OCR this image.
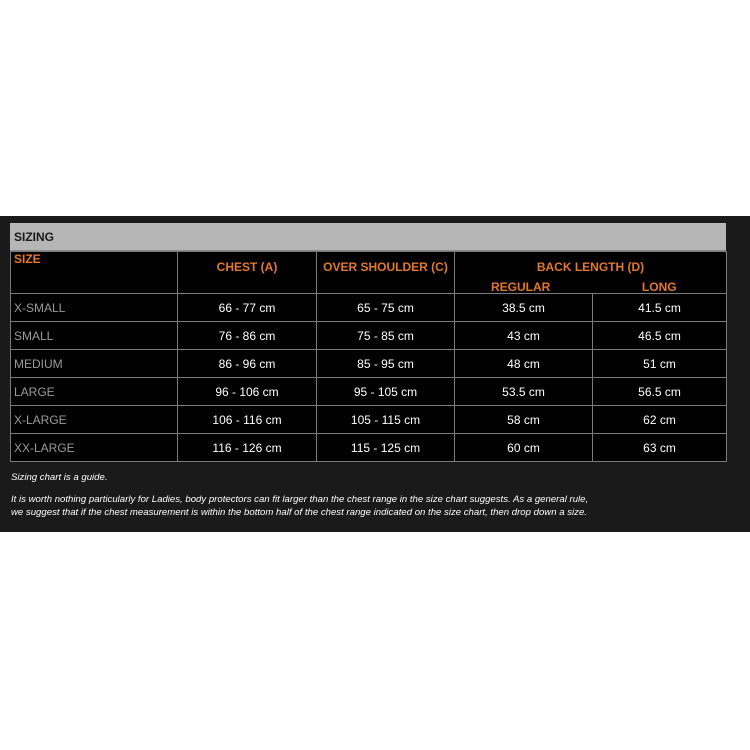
SIZING
SIZE	CHEST (A)	OVER SHOULDER (C)	BACK LENGTH (D)	
			REGULAR	LONG
X-SMALL	66 - 77 cm	65 - 75 cm	38.5 cm	41.5 cm
SMALL	76 - 86 cm	75 - 85 cm	43 cm	46.5 cm
MEDIUM	86 - 96 cm	85 - 95 cm	48 cm	51 cm
LARGE	96 - 106 cm	95 - 105 cm	53.5 cm	56.5 cm
X-LARGE	106 - 116 cm	105 - 115 cm	58 cm	62 cm
XX-LARGE	116 - 126 cm	115 - 125 cm	60 cm	63 cm

Sizing chart is a guide.

It is worth nothing particularly for Ladies, body protectors can fit larger than the chest range in the size chart suggests. As a general rule,

we suggest that if the chest measurement is within the bottom half of the chest range indicated on the size chart, then drop down a size.
